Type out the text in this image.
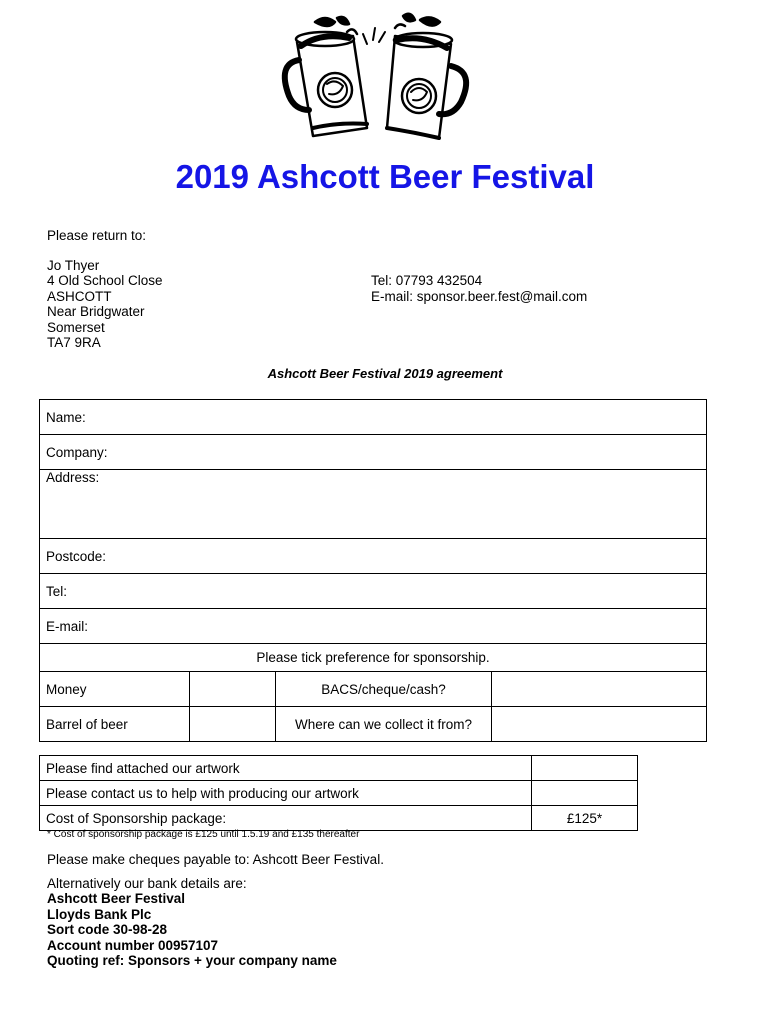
2019 Ashcott Beer Festival
Please return to:
Jo Thyer
4 Old School Close
ASHCOTT
Near Bridgwater
Somerset
TA7 9RA
Tel: 07793 432504
E-mail: sponsor.beer.fest@mail.com
Ashcott Beer Festival 2019 agreement
Name:			
Company:			
Address:			
Postcode:			
Tel:			
E-mail:			
Please tick preference for sponsorship.			
Money		BACS/cheque/cash?	
Barrel of beer		Where can we collect it from?	
Please find attached our artwork	
Please contact us to help with producing our artwork	
Cost of Sponsorship package:	£125*
* Cost of sponsorship package is £125 until 1.5.19 and £135 thereafter
Please make cheques payable to: Ashcott Beer Festival.
Alternatively our bank details are:
Ashcott Beer Festival
Lloyds Bank Plc
Sort code 30-98-28
Account number 00957107
Quoting ref: Sponsors + your company name
